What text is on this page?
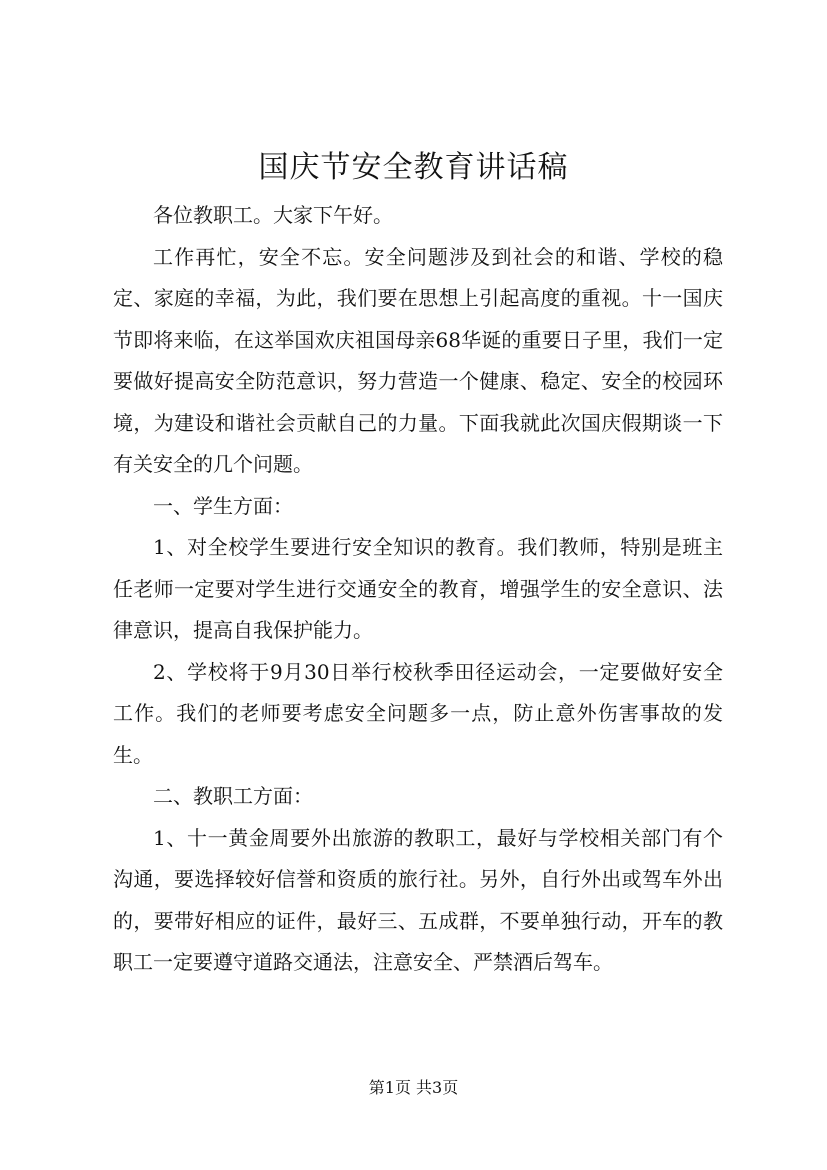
国庆节安全教育讲话稿

各位教职工。大家下午好。

工作再忙，安全不忘。安全问题涉及到社会的和谐、学校的稳定、家庭的幸福，为此，我们要在思想上引起高度的重视。十一国庆节即将来临，在这举国欢庆祖国母亲68华诞的重要日子里，我们一定要做好提高安全防范意识，努力营造一个健康、稳定、安全的校园环境，为建设和谐社会贡献自己的力量。下面我就此次国庆假期谈一下有关安全的几个问题。

一、学生方面：

1、对全校学生要进行安全知识的教育。我们教师，特别是班主任老师一定要对学生进行交通安全的教育，增强学生的安全意识、法律意识，提高自我保护能力。

2、学校将于9月30日举行校秋季田径运动会，一定要做好安全工作。我们的老师要考虑安全问题多一点，防止意外伤害事故的发生。

二、教职工方面：

1、十一黄金周要外出旅游的教职工，最好与学校相关部门有个沟通，要选择较好信誉和资质的旅行社。另外，自行外出或驾车外出的，要带好相应的证件，最好三、五成群，不要单独行动，开车的教职工一定要遵守道路交通法，注意安全、严禁酒后驾车。

第1页 共3页
